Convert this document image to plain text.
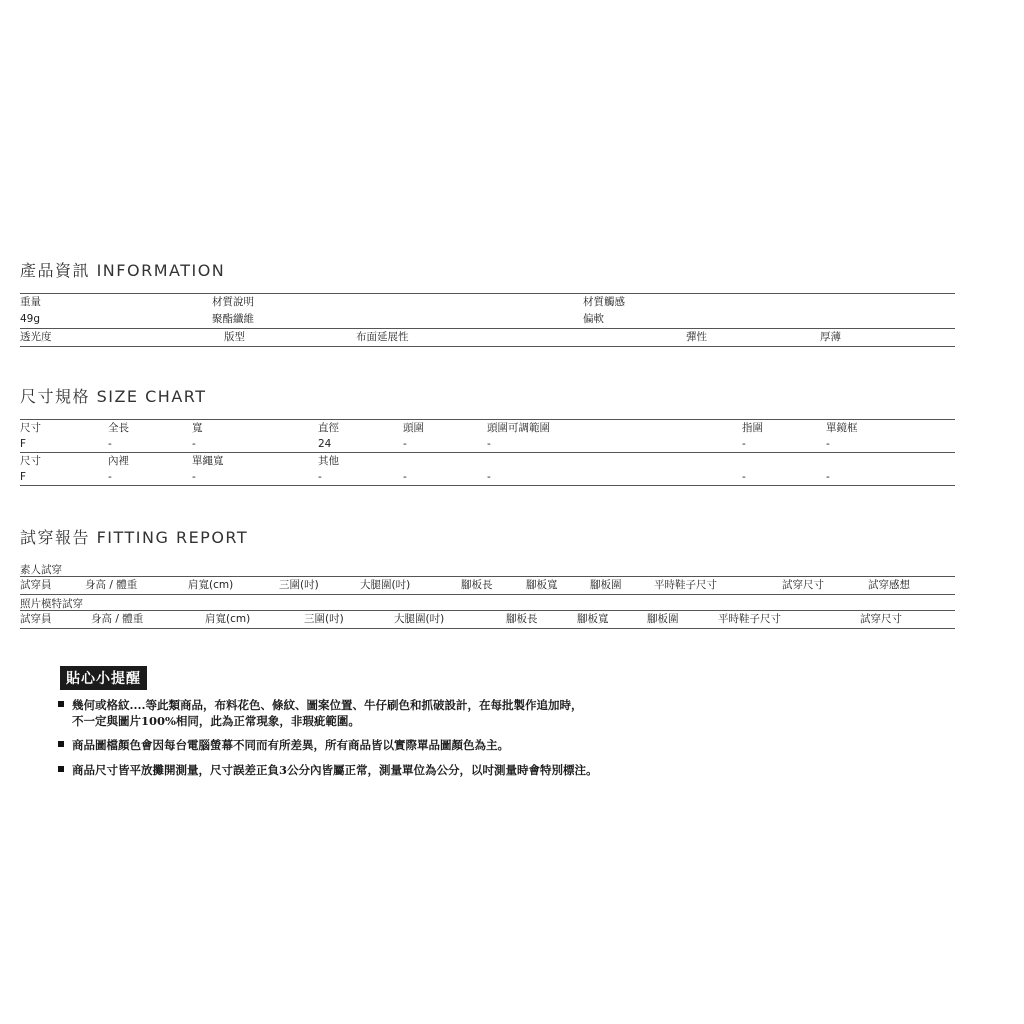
產品資訊 INFORMATION
重量	材質說明	材質觸感
49g	聚酯纖維	偏軟
透光度	版型	布面延展性	彈性	厚薄
尺寸規格 SIZE CHART
尺寸	全長	寬	直徑	頭圍	頭圍可調範圍	指圍	單鏡框
F	-	-	24	-	-	-	-
尺寸	內裡	單繩寬	其他
F	-	-	-	-	-	-	-
試穿報告 FITTING REPORT
素人試穿
試穿員	身高 / 體重	肩寬(cm)	三圍(吋)	大腿圍(吋)	腳板長	腳板寬	腳板圍	平時鞋子尺寸	試穿尺寸	試穿感想
照片模特試穿
試穿員	身高 / 體重	肩寬(cm)	三圍(吋)	大腿圍(吋)	腳板長	腳板寬	腳板圍	平時鞋子尺寸	試穿尺寸
貼心小提醒
幾何或格紋....等此類商品，布料花色、條紋、圖案位置、牛仔刷色和抓破設計，在每批製作追加時，
不一定與圖片100%相同，此為正常現象，非瑕疵範圍。
商品圖檔顏色會因每台電腦螢幕不同而有所差異，所有商品皆以實際單品圖顏色為主。
商品尺寸皆平放攤開測量，尺寸誤差正負3公分內皆屬正常，測量單位為公分，以吋測量時會特別標注。
